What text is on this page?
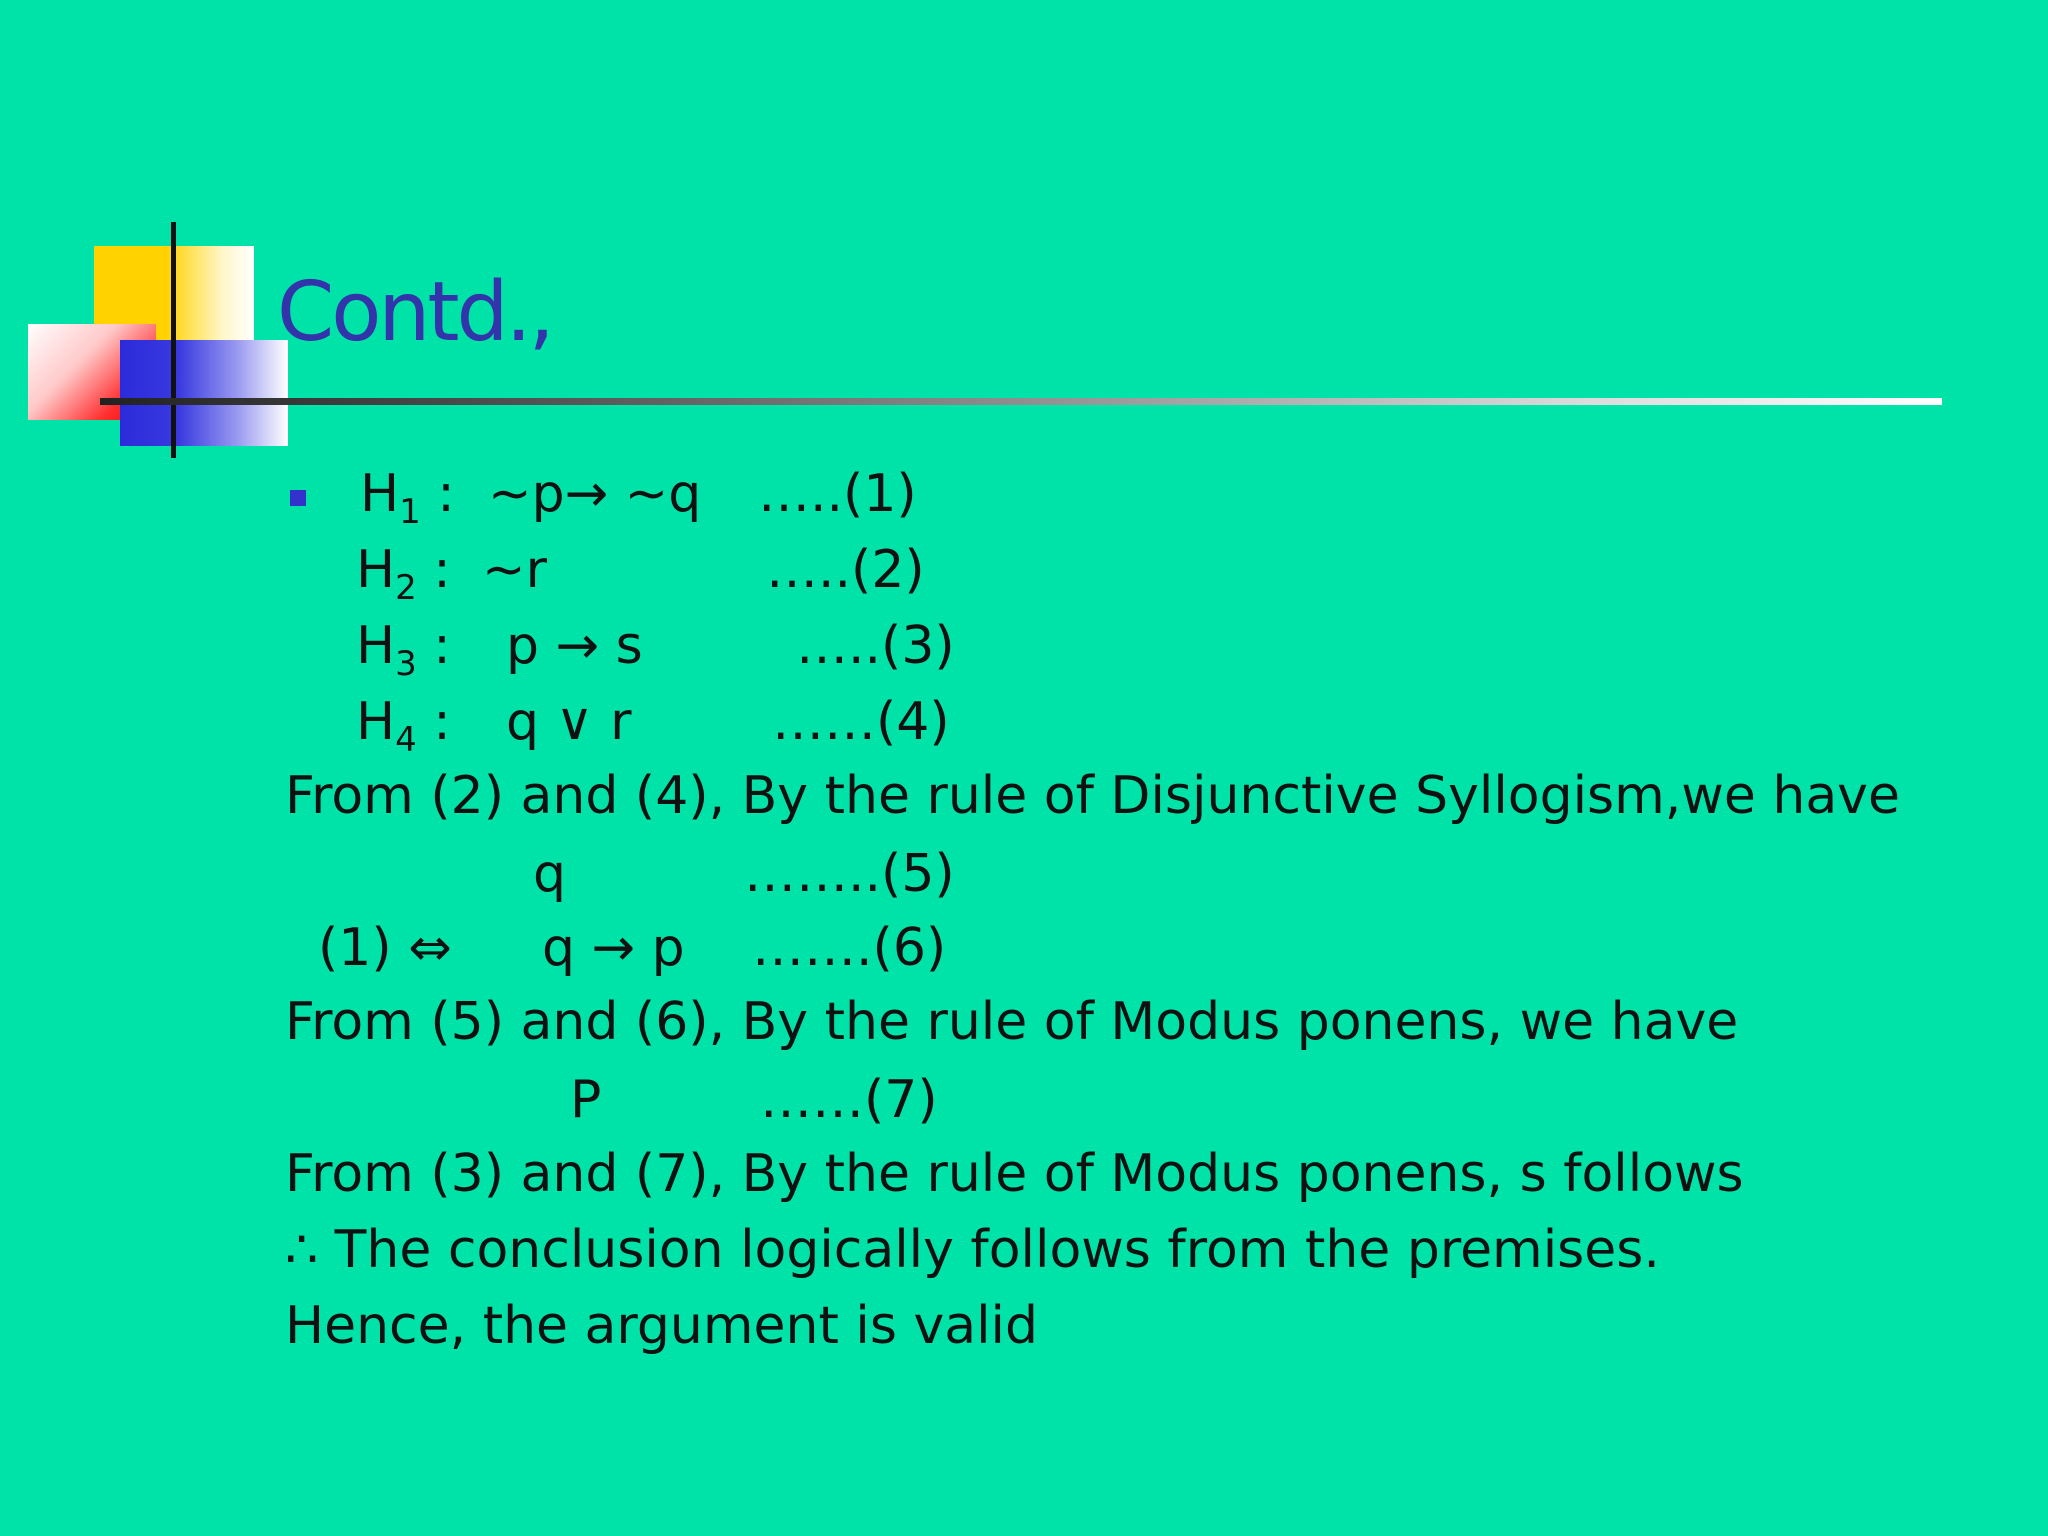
Contd.,
$H_1$ : ~p→ ~q …..(1)
$H_2$ : ~r	…..(2)
$H_3$ : p → s	…..(3)
$H_4$ : q ∨ r	……(4)
From (2) and (4), By the rule of Disjunctive Syllogism,we have
q	……..(5)
(1) ⇔ q → p …….(6)
From (5) and (6), By the rule of Modus ponens, we have
P	……(7)
From (3) and (7), By the rule of Modus ponens, s follows
∴ The conclusion logically follows from the premises.
Hence, the argument is valid
